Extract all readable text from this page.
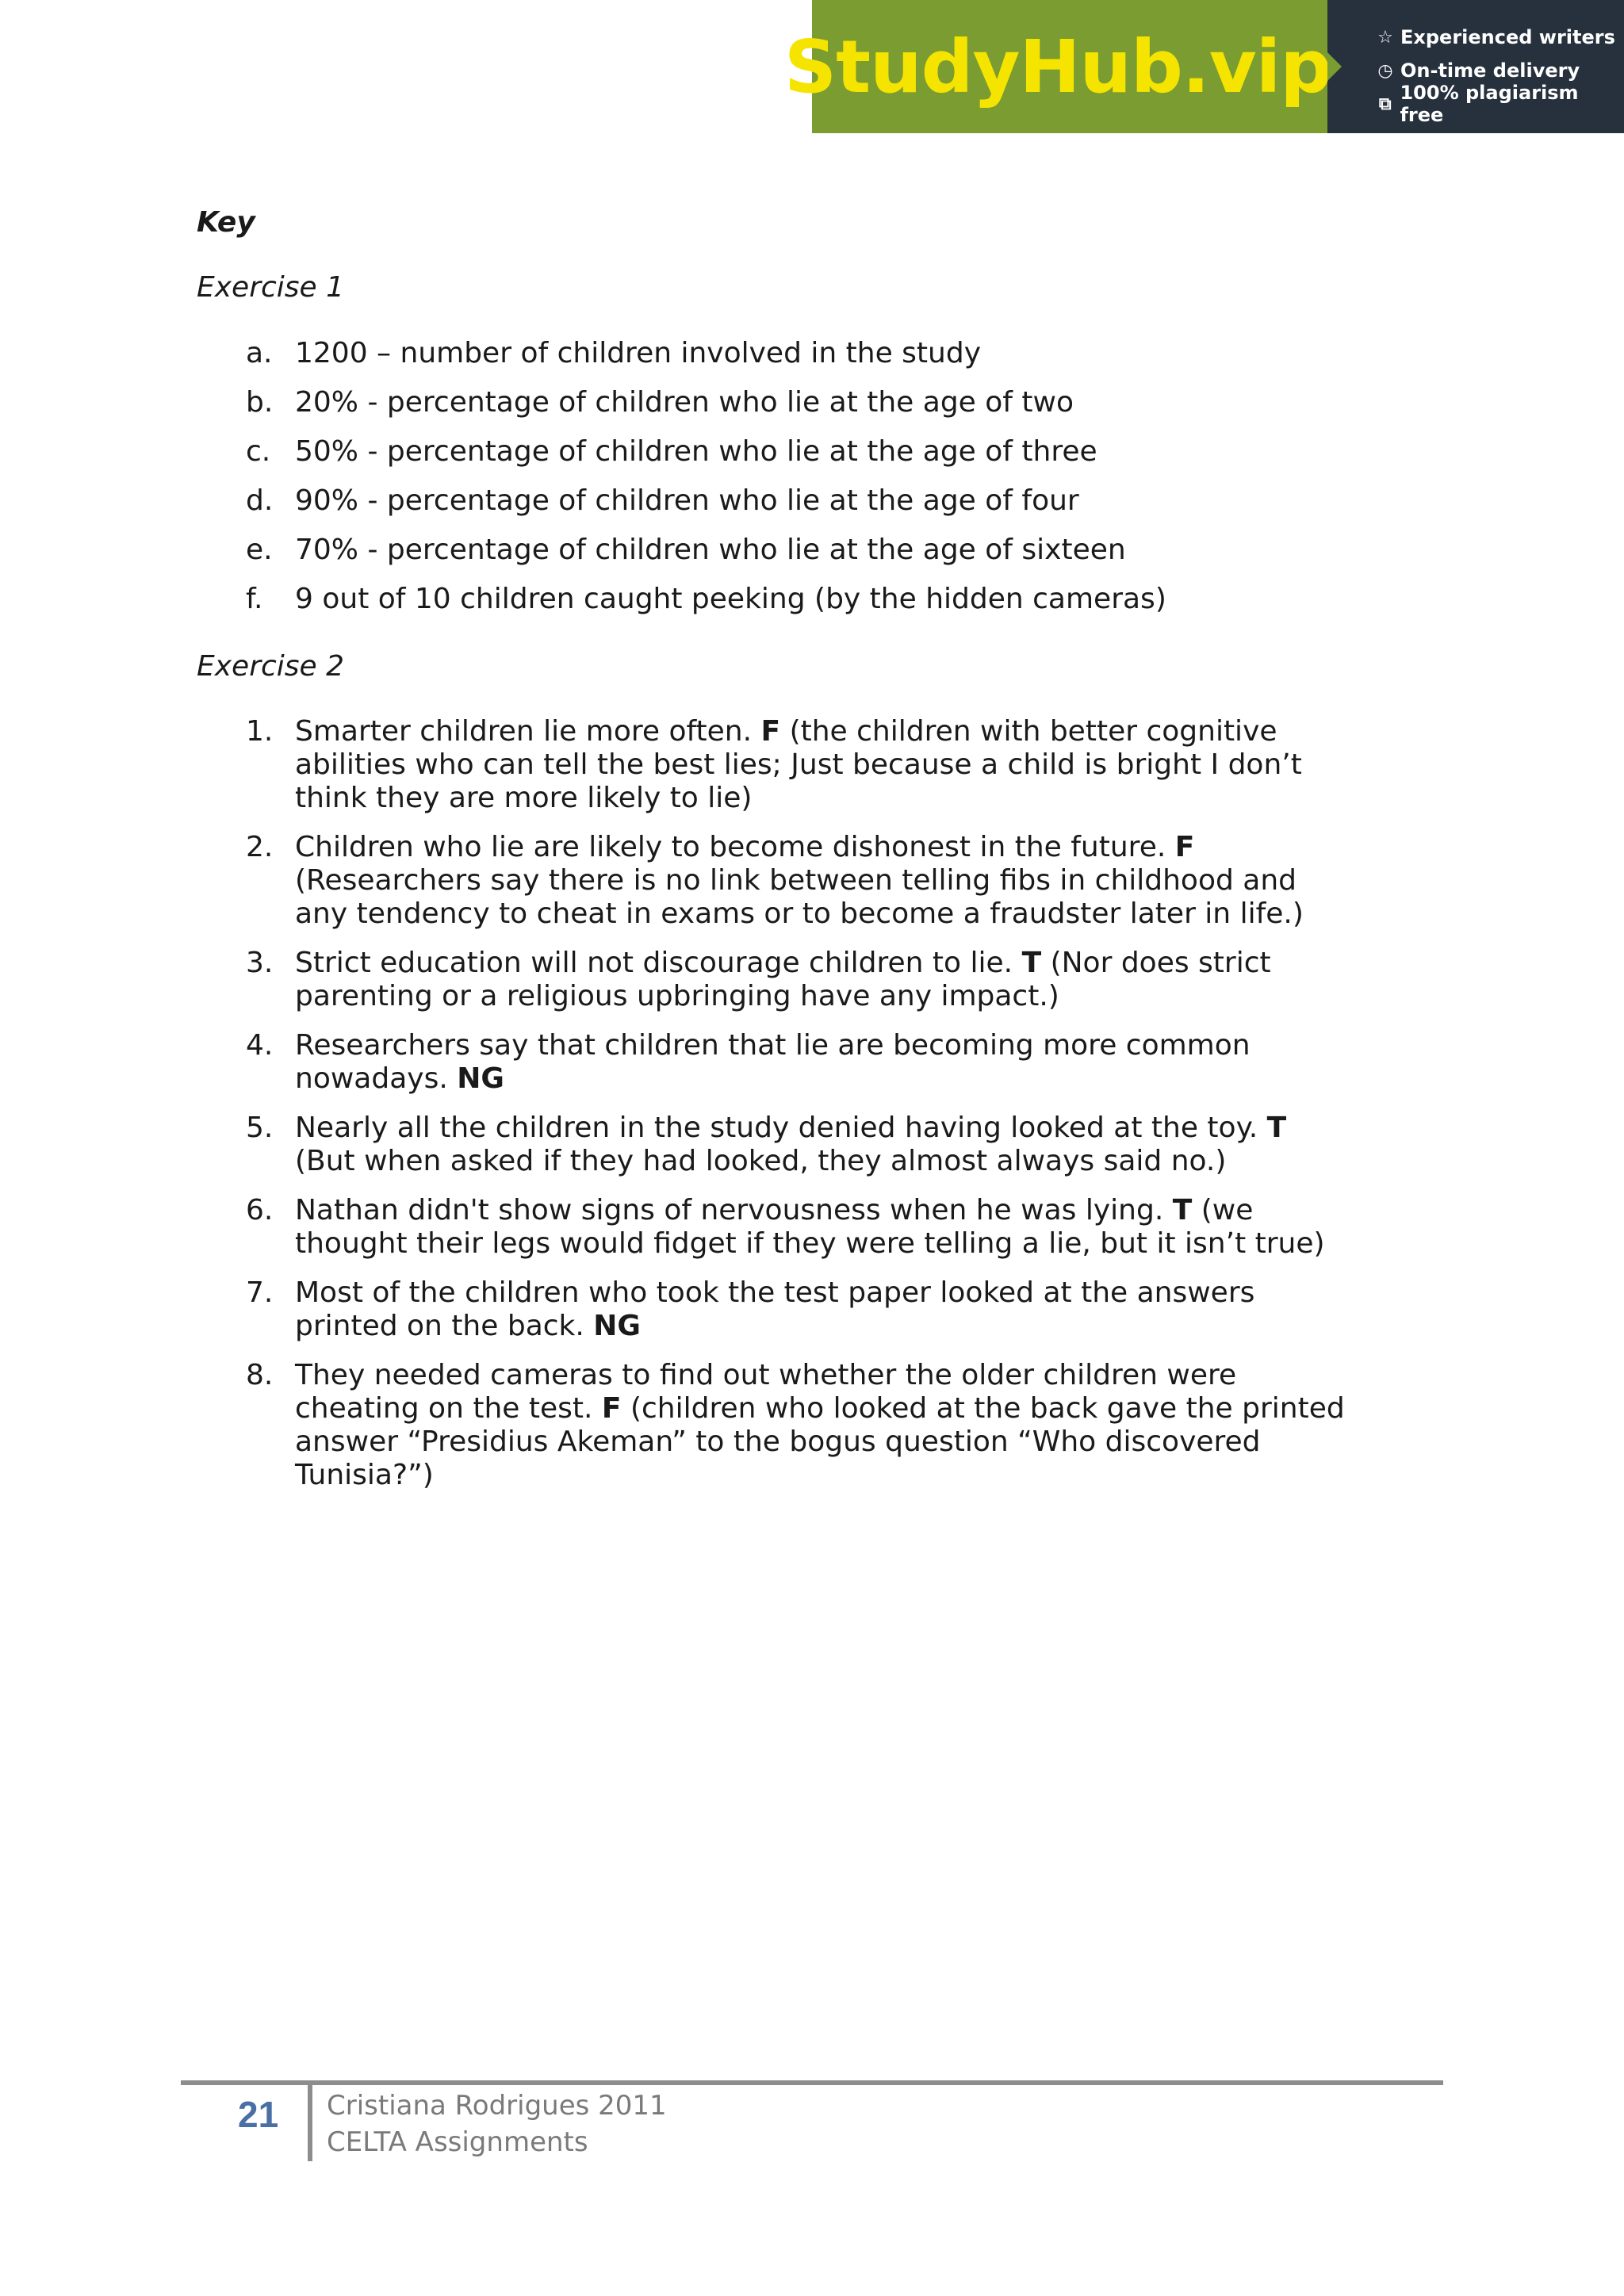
StudyHub.vip	☆ Experienced writers
◷ On-time delivery
⧉ 100% plagiarism free

Key

Exercise 1

a. 1200 – number of children involved in the study
b. 20% - percentage of children who lie at the age of two
c. 50% - percentage of children who lie at the age of three
d. 90% - percentage of children who lie at the age of four
e. 70% - percentage of children who lie at the age of sixteen
f. 9 out of 10 children caught peeking (by the hidden cameras)

Exercise 2

1. Smarter children lie more often. F (the children with better cognitive abilities who can tell the best lies; Just because a child is bright I don’t think they are more likely to lie)
2. Children who lie are likely to become dishonest in the future. F (Researchers say there is no link between telling fibs in childhood and any tendency to cheat in exams or to become a fraudster later in life.)
3. Strict education will not discourage children to lie. T (Nor does strict parenting or a religious upbringing have any impact.)
4. Researchers say that children that lie are becoming more common nowadays. NG
5. Nearly all the children in the study denied having looked at the toy. T (But when asked if they had looked, they almost always said no.)
6. Nathan didn't show signs of nervousness when he was lying. T (we thought their legs would fidget if they were telling a lie, but it isn’t true)
7. Most of the children who took the test paper looked at the answers printed on the back. NG
8. They needed cameras to find out whether the older children were cheating on the test. F (children who looked at the back gave the printed answer “Presidius Akeman” to the bogus question “Who discovered Tunisia?”)
21 Cristiana Rodrigues 2011
CELTA Assignments
